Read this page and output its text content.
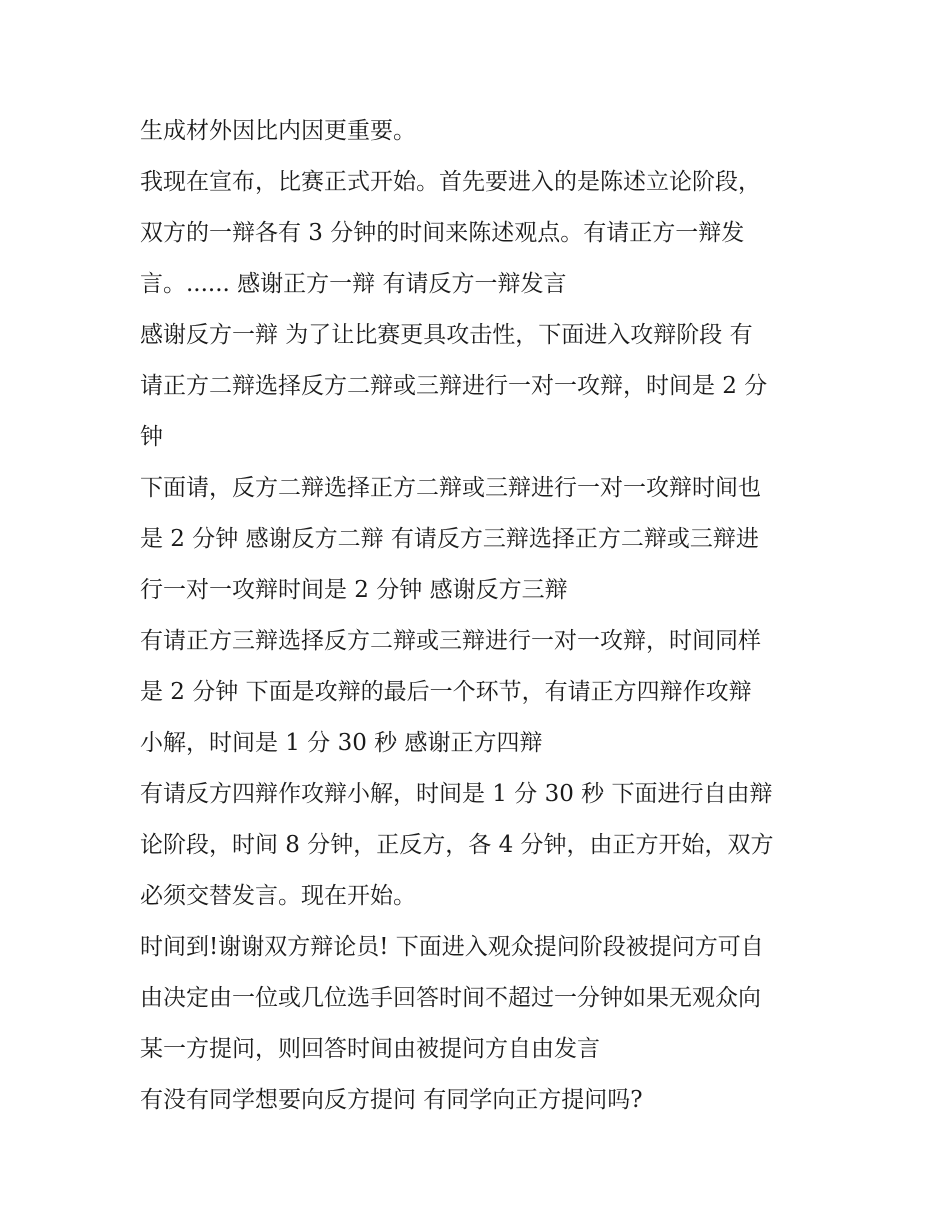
生成材外因比内因更重要。
我现在宣布，比赛正式开始。首先要进入的是陈述立论阶段，
双方的一辩各有 3 分钟的时间来陈述观点。有请正方一辩发
言。...... 感谢正方一辩 有请反方一辩发言
感谢反方一辩 为了让比赛更具攻击性，下面进入攻辩阶段 有
请正方二辩选择反方二辩或三辩进行一对一攻辩，时间是 2 分
钟
下面请，反方二辩选择正方二辩或三辩进行一对一攻辩时间也
是 2 分钟 感谢反方二辩 有请反方三辩选择正方二辩或三辩进
行一对一攻辩时间是 2 分钟 感谢反方三辩
有请正方三辩选择反方二辩或三辩进行一对一攻辩，时间同样
是 2 分钟 下面是攻辩的最后一个环节，有请正方四辩作攻辩
小解，时间是 1 分 30 秒 感谢正方四辩
有请反方四辩作攻辩小解，时间是 1 分 30 秒 下面进行自由辩
论阶段，时间 8 分钟，正反方，各 4 分钟，由正方开始，双方
必须交替发言。现在开始。
时间到!谢谢双方辩论员! 下面进入观众提问阶段被提问方可自
由决定由一位或几位选手回答时间不超过一分钟如果无观众向
某一方提问，则回答时间由被提问方自由发言
有没有同学想要向反方提问 有同学向正方提问吗?
